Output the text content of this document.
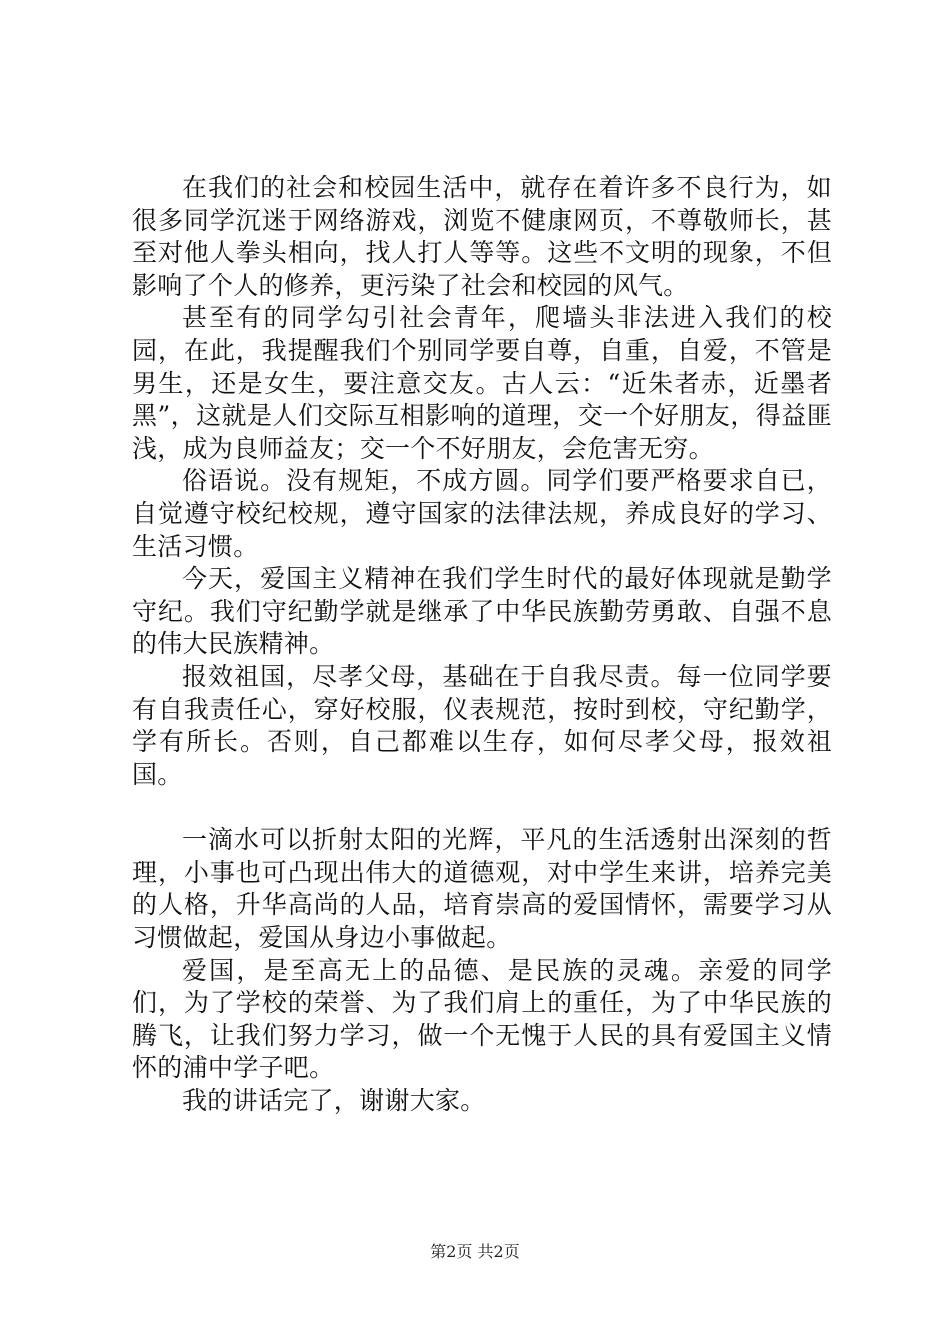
在我们的社会和校园生活中，就存在着许多不良行为，如很多同学沉迷于网络游戏，浏览不健康网页，不尊敬师长，甚至对他人拳头相向，找人打人等等。这些不文明的现象，不但影响了个人的修养，更污染了社会和校园的风气。

甚至有的同学勾引社会青年，爬墙头非法进入我们的校园，在此，我提醒我们个别同学要自尊，自重，自爱，不管是男生，还是女生，要注意交友。古人云：“近朱者赤，近墨者黑”，这就是人们交际互相影响的道理，交一个好朋友，得益匪浅，成为良师益友；交一个不好朋友，会危害无穷。

俗语说。没有规矩，不成方圆。同学们要严格要求自已，自觉遵守校纪校规，遵守国家的法律法规，养成良好的学习、生活习惯。

今天，爱国主义精神在我们学生时代的最好体现就是勤学守纪。我们守纪勤学就是继承了中华民族勤劳勇敢、自强不息的伟大民族精神。

报效祖国，尽孝父母，基础在于自我尽责。每一位同学要有自我责任心，穿好校服，仪表规范，按时到校，守纪勤学，学有所长。否则，自己都难以生存，如何尽孝父母，报效祖国。

一滴水可以折射太阳的光辉，平凡的生活透射出深刻的哲理，小事也可凸现出伟大的道德观，对中学生来讲，培养完美的人格，升华高尚的人品，培育崇高的爱国情怀，需要学习从习惯做起，爱国从身边小事做起。

爱国，是至高无上的品德、是民族的灵魂。亲爱的同学们，为了学校的荣誉、为了我们肩上的重任，为了中华民族的腾飞，让我们努力学习，做一个无愧于人民的具有爱国主义情怀的浦中学子吧。

我的讲话完了，谢谢大家。

第2页 共2页
